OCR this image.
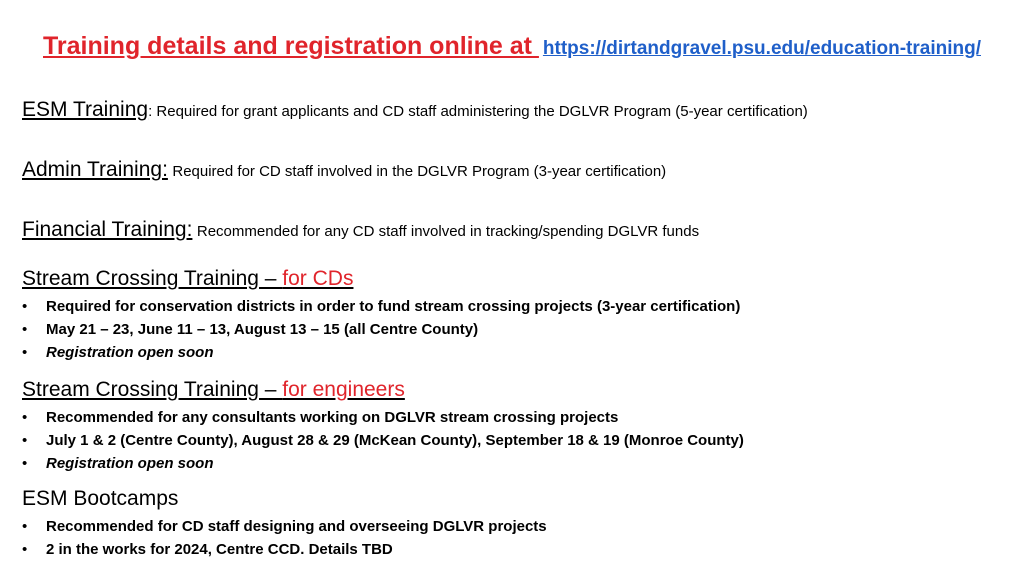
Training details and registration online at https://dirtandgravel.psu.edu/education-training/
ESM Training: Required for grant applicants and CD staff administering the DGLVR Program (5-year certification)
Admin Training: Required for CD staff involved in the DGLVR Program (3-year certification)
Financial Training: Recommended for any CD staff involved in tracking/spending DGLVR funds
Stream Crossing Training – for CDs
• Required for conservation districts in order to fund stream crossing projects (3-year certification)
• May 21 – 23, June 11 – 13, August 13 – 15 (all Centre County)
• Registration open soon
Stream Crossing Training – for engineers
• Recommended for any consultants working on DGLVR stream crossing projects
• July 1 & 2 (Centre County), August 28 & 29 (McKean County), September 18 & 19 (Monroe County)
• Registration open soon
ESM Bootcamps
• Recommended for CD staff designing and overseeing DGLVR projects
• 2 in the works for 2024, Centre CCD. Details TBD
